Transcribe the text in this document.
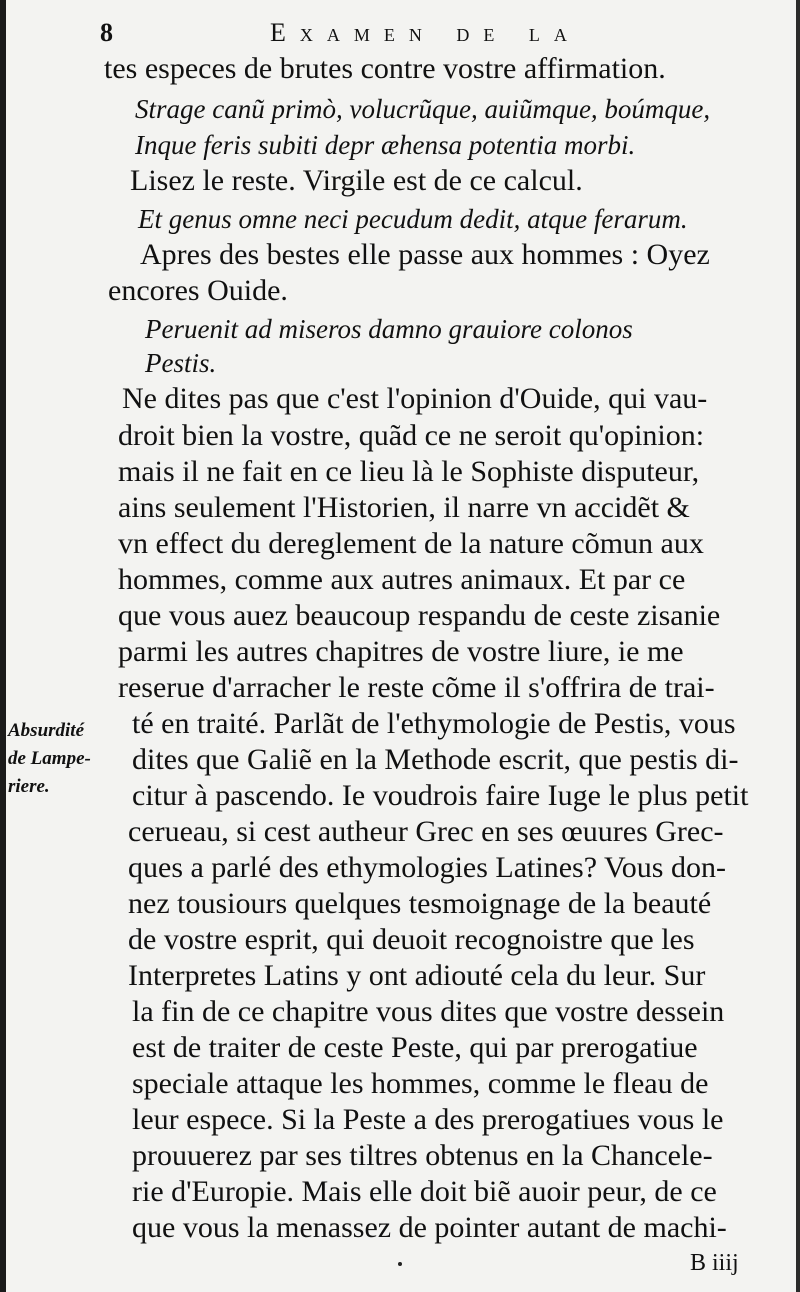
8	Examen de la
tes especes de brutes contre vostre affirmation.
Strage canũ primò, volucrũque, auiũmque, boúmque,
Inque feris subiti depr æhensa potentia morbi.
Lisez le reste. Virgile est de ce calcul.
Et genus omne neci pecudum dedit, atque ferarum.
Apres des bestes elle passe aux hommes : Oyez
encores Ouide.
Peruenit ad miseros damno grauiore colonos
Pestis.
Ne dites pas que c'est l'opinion d'Ouide, qui vau-
droit bien la vostre, quãd ce ne seroit qu'opinion:
mais il ne fait en ce lieu là le Sophiste disputeur,
ains seulement l'Historien, il narre vn accidẽt &
vn effect du dereglement de la nature cõmun aux
hommes, comme aux autres animaux. Et par ce
que vous auez beaucoup respandu de ceste zisanie
parmi les autres chapitres de vostre liure, ie me
reserue d'arracher le reste cõme il s'offrira de trai-
té en traité. Parlãt de l'ethymologie de Pestis, vous
dites que Galiẽ en la Methode escrit, que pestis di-
citur à pascendo. Ie voudrois faire Iuge le plus petit
cerueau, si cest autheur Grec en ses œuures Grec-
ques a parlé des ethymologies Latines? Vous don-
nez tousiours quelques tesmoignage de la beauté
de vostre esprit, qui deuoit recognoistre que les
Interpretes Latins y ont adiouté cela du leur. Sur
la fin de ce chapitre vous dites que vostre dessein
est de traiter de ceste Peste, qui par prerogatiue
speciale attaque les hommes, comme le fleau de
leur espece. Si la Peste a des prerogatiues vous le
prouuerez par ses tiltres obtenus en la Chancele-
rie d'Europie. Mais elle doit biẽ auoir peur, de ce
que vous la menassez de pointer autant de machi-
Absurdité
de Lampe-
riere.
B iiij
